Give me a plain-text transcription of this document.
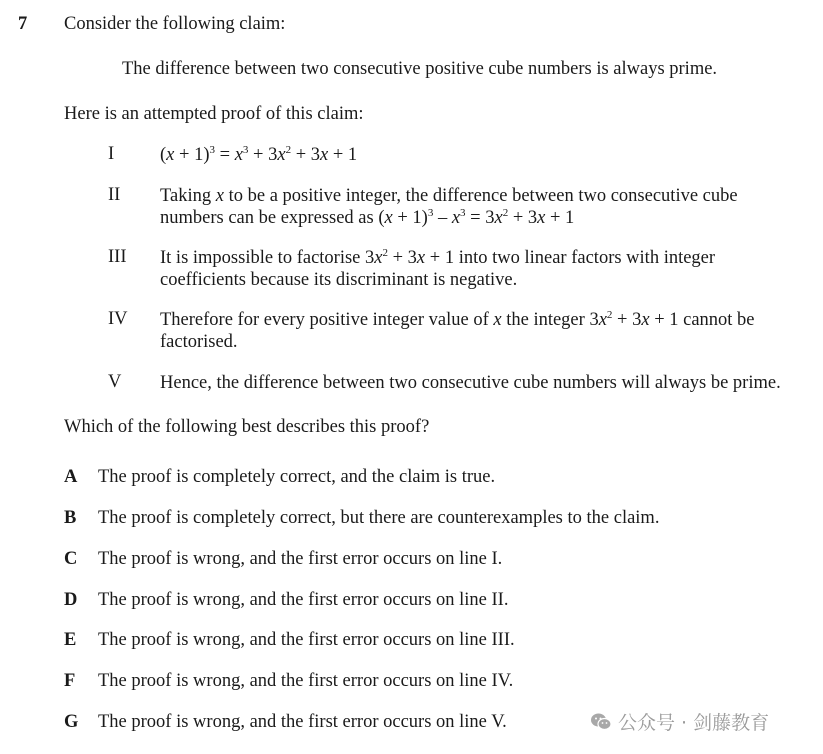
7 Consider the following claim:
The difference between two consecutive positive cube numbers is always prime.
Here is an attempted proof of this claim:
I $(x + 1)^3 = x^3 + 3x^2 + 3x + 1$
II Taking x to be a positive integer, the difference between two consecutive cube
numbers can be expressed as $(x + 1)^3 - x^3 = 3x^2 + 3x + 1$
III It is impossible to factorise $3x^2 + 3x + 1$ into two linear factors with integer
coefficients because its discriminant is negative.
IV Therefore for every positive integer value of x the integer $3x^2 + 3x + 1$ cannot be
factorised.
V Hence, the difference between two consecutive cube numbers will always be prime.
Which of the following best describes this proof?
A The proof is completely correct, and the claim is true.
B The proof is completely correct, but there are counterexamples to the claim.
C The proof is wrong, and the first error occurs on line I.
D The proof is wrong, and the first error occurs on line II.
E The proof is wrong, and the first error occurs on line III.
F The proof is wrong, and the first error occurs on line IV.
G The proof is wrong, and the first error occurs on line V.	公众号 · 剑藤教育
